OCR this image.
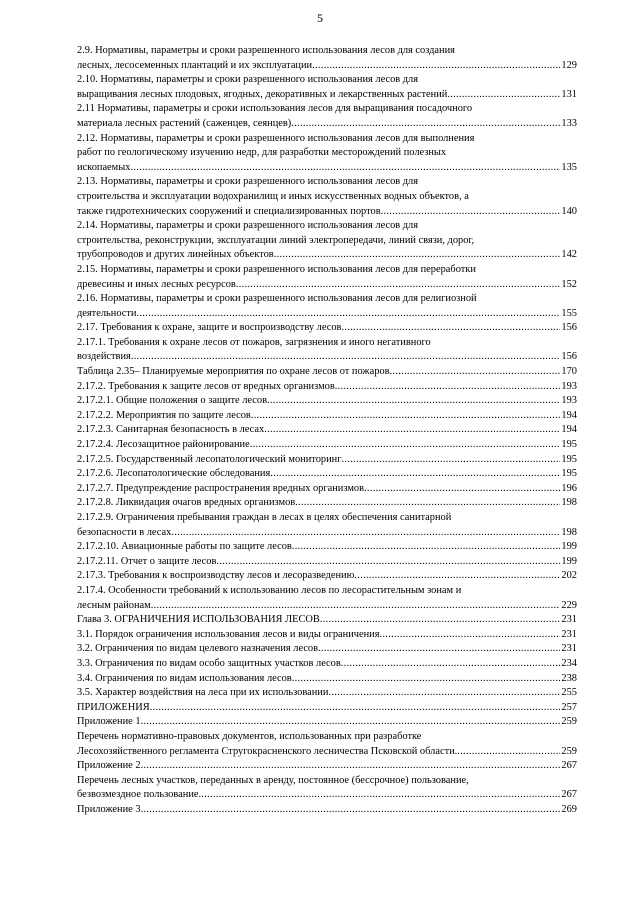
5
2.9. Нормативы, параметры и сроки разрешенного использования лесов для создания
лесных, лесосеменных плантаций и их эксплуатации .....	129
2.10. Нормативы, параметры и сроки разрешенного использования лесов для
выращивания лесных плодовых, ягодных, декоративных и лекарственных растений .....	131
2.11 Нормативы, параметры и сроки использования лесов для выращивания посадочного
материала лесных растений (саженцев, сеянцев) .....	133
2.12. Нормативы, параметры и сроки разрешенного использования лесов для выполнения
работ по геологическому изучению недр, для разработки месторождений полезных
ископаемых .....	135
2.13. Нормативы, параметры и сроки разрешенного использования лесов для
строительства и эксплуатации водохранилищ и иных искусственных водных объектов, а
также гидротехнических сооружений и специализированных портов .....	140
2.14. Нормативы, параметры и сроки разрешенного использования лесов для
строительства, реконструкции, эксплуатации линий электропередачи, линий связи, дорог,
трубопроводов и других линейных объектов .....	142
2.15. Нормативы, параметры и сроки разрешенного использования лесов для переработки
древесины и иных лесных ресурсов .....	152
2.16. Нормативы, параметры и сроки разрешенного использования лесов для религиозной
деятельности .....	155
2.17. Требования к охране, защите и воспроизводству лесов .....	156
2.17.1. Требования к охране лесов от пожаров, загрязнения и иного негативного
воздействия .....	156
Таблица 2.35– Планируемые мероприятия по охране лесов от пожаров .....	170
2.17.2. Требования к защите лесов от вредных организмов .....	193
2.17.2.1. Общие положения о защите лесов .....	193
2.17.2.2. Мероприятия по защите лесов .....	194
2.17.2.3. Санитарная безопасность в лесах .....	194
2.17.2.4. Лесозащитное районирование .....	195
2.17.2.5. Государственный лесопатологический мониторинг .....	195
2.17.2.6. Лесопатологические обследования .....	195
2.17.2.7. Предупреждение распространения вредных организмов .....	196
2.17.2.8. Ликвидация очагов вредных организмов .....	198
2.17.2.9. Ограничения пребывания граждан в лесах в целях обеспечения санитарной
безопасности в лесах .....	198
2.17.2.10. Авиационные работы по защите лесов .....	199
2.17.2.11. Отчет о защите лесов .....	199
2.17.3. Требования к воспроизводству лесов и лесоразведению .....	202
2.17.4. Особенности требований к использованию лесов по лесорастительным зонам и
лесным районам .....	229
Глава 3. ОГРАНИЧЕНИЯ ИСПОЛЬЗОВАНИЯ ЛЕСОВ .....	231
3.1. Порядок ограничения использования лесов и виды ограничения .....	231
3.2. Ограничения по видам целевого назначения лесов .....	231
3.3. Ограничения по видам особо защитных участков лесов .....	234
3.4. Ограничения по видам использования лесов .....	238
3.5. Характер воздействия на леса при их использовании .....	255
ПРИЛОЖЕНИЯ .....	257
Приложение 1 .....	259
Перечень нормативно-правовых документов, использованных при разработке
Лесохозяйственного регламента Стругокрасненского лесничества Псковской области. .....	259
Приложение 2 .....	267
Перечень лесных участков, переданных в аренду, постоянное (бессрочное) пользование,
безвозмездное пользование .....	267
Приложение 3 .....	269
